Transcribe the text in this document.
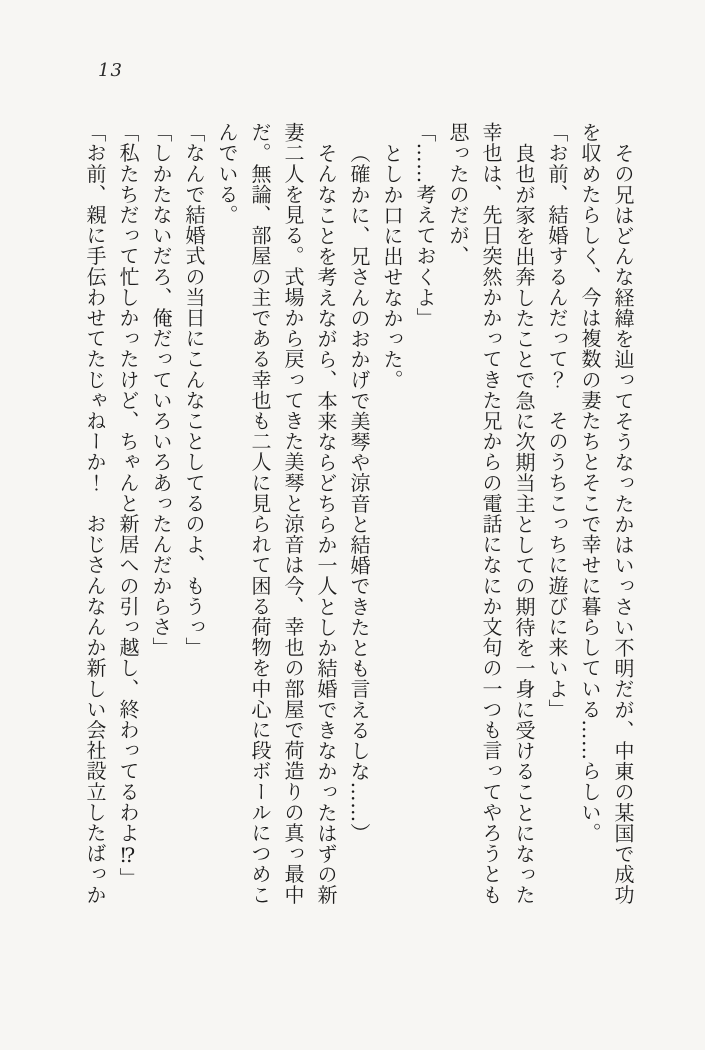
13

その兄はどんな経緯を辿ってそうなったかはいっさい不明だが、中東の某国で成功

を収めたらしく、今は複数の妻たちとそこで幸せに暮らしている……らしい。

「お前、結婚するんだって？　そのうちこっちに遊びに来いよ」

良也が家を出奔したことで急に次期当主としての期待を一身に受けることになった

幸也は、先日突然かかってきた兄からの電話になにか文句の一つも言ってやろうとも

思ったのだが、

「……考えておくよ」

としか口に出せなかった。

（確かに、兄さんのおかげで美琴や涼音と結婚できたとも言えるしな……）

そんなことを考えながら、本来ならどちらか一人としか結婚できなかったはずの新

妻二人を見る。式場から戻ってきた美琴と涼音は今、幸也の部屋で荷造りの真っ最中

だ。無論、部屋の主である幸也も二人に見られて困る荷物を中心に段ボールにつめこ

んでいる。

「なんで結婚式の当日にこんなことしてるのよ、もうっ」

「しかたないだろ、俺だっていろいろあったんだからさ」

「私たちだって忙しかったけど、ちゃんと新居への引っ越し、終わってるわよ⁉」

「お前、親に手伝わせてたじゃねーか！　おじさんなんか新しい会社設立したばっか
